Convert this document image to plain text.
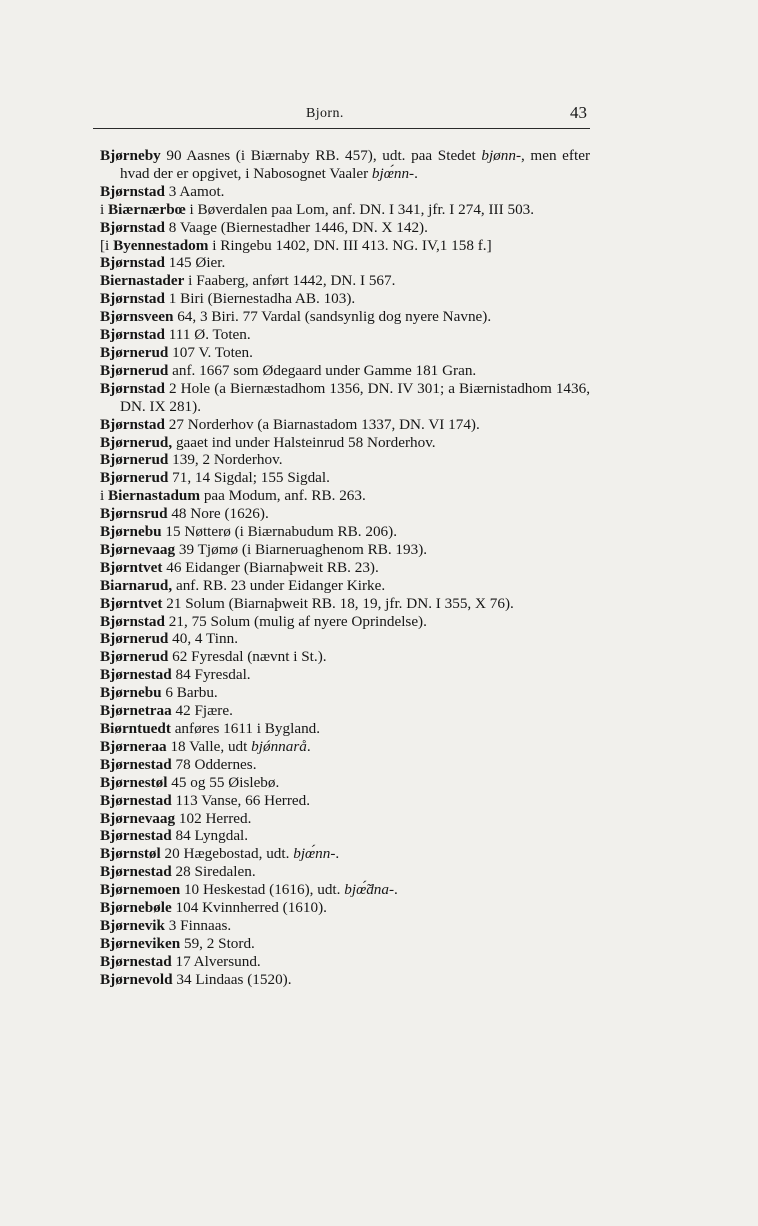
Bjorn.	43
Bjørneby 90 Aasnes (i Biærnaby RB. 457), udt. paa Stedet bjønn-, men efter hvad der er opgivet, i Nabosognet Vaaler bjœ́nn-.
Bjørnstad 3 Aamot.
i Biærnærbœ i Bøverdalen paa Lom, anf. DN. I 341, jfr. I 274, III 503.
Bjørnstad 8 Vaage (Biernestadher 1446, DN. X 142).
[i Byennestadom i Ringebu 1402, DN. III 413. NG. IV,1 158 f.]
Bjørnstad 145 Øier.
Biernastader i Faaberg, anført 1442, DN. I 567.
Bjørnstad 1 Biri (Biernestadha AB. 103).
Bjørnsveen 64, 3 Biri. 77 Vardal (sandsynlig dog nyere Navne).
Bjørnstad 111 Ø. Toten.
Bjørnerud 107 V. Toten.
Bjørnerud anf. 1667 som Ødegaard under Gamme 181 Gran.
Bjørnstad 2 Hole (a Biernæstadhom 1356, DN. IV 301; a Biærnistadhom 1436, DN. IX 281).
Bjørnstad 27 Norderhov (a Biarnastadom 1337, DN. VI 174).
Bjørnerud, gaaet ind under Halsteinrud 58 Norderhov.
Bjørnerud 139, 2 Norderhov.
Bjørnerud 71, 14 Sigdal; 155 Sigdal.
i Biernastadum paa Modum, anf. RB. 263.
Bjørnsrud 48 Nore (1626).
Bjørnebu 15 Nøtterø (i Biærnabudum RB. 206).
Bjørnevaag 39 Tjømø (i Biarneruaghenom RB. 193).
Bjørntvet 46 Eidanger (Biarnaþweit RB. 23).
Biarnarud, anf. RB. 23 under Eidanger Kirke.
Bjørntvet 21 Solum (Biarnaþweit RB. 18, 19, jfr. DN. I 355, X 76).
Bjørnstad 21, 75 Solum (mulig af nyere Oprindelse).
Bjørnerud 40, 4 Tinn.
Bjørnerud 62 Fyresdal (nævnt i St.).
Bjørnestad 84 Fyresdal.
Bjørnebu 6 Barbu.
Bjørnetraa 42 Fjære.
Biørntuedt anføres 1611 i Bygland.
Bjørneraa 18 Valle, udt bjǿnnarå.
Bjørnestad 78 Oddernes.
Bjørnestøl 45 og 55 Øislebø.
Bjørnestad 113 Vanse, 66 Herred.
Bjørnevaag 102 Herred.
Bjørnestad 84 Lyngdal.
Bjørnstøl 20 Hægebostad, udt. bjœ́nn-.
Bjørnestad 28 Siredalen.
Bjørnemoen 10 Heskestad (1616), udt. bjœ̃́dna-.
Bjørnebøle 104 Kvinnherred (1610).
Bjørnevik 3 Finnaas.
Bjørneviken 59, 2 Stord.
Bjørnestad 17 Alversund.
Bjørnevold 34 Lindaas (1520).
